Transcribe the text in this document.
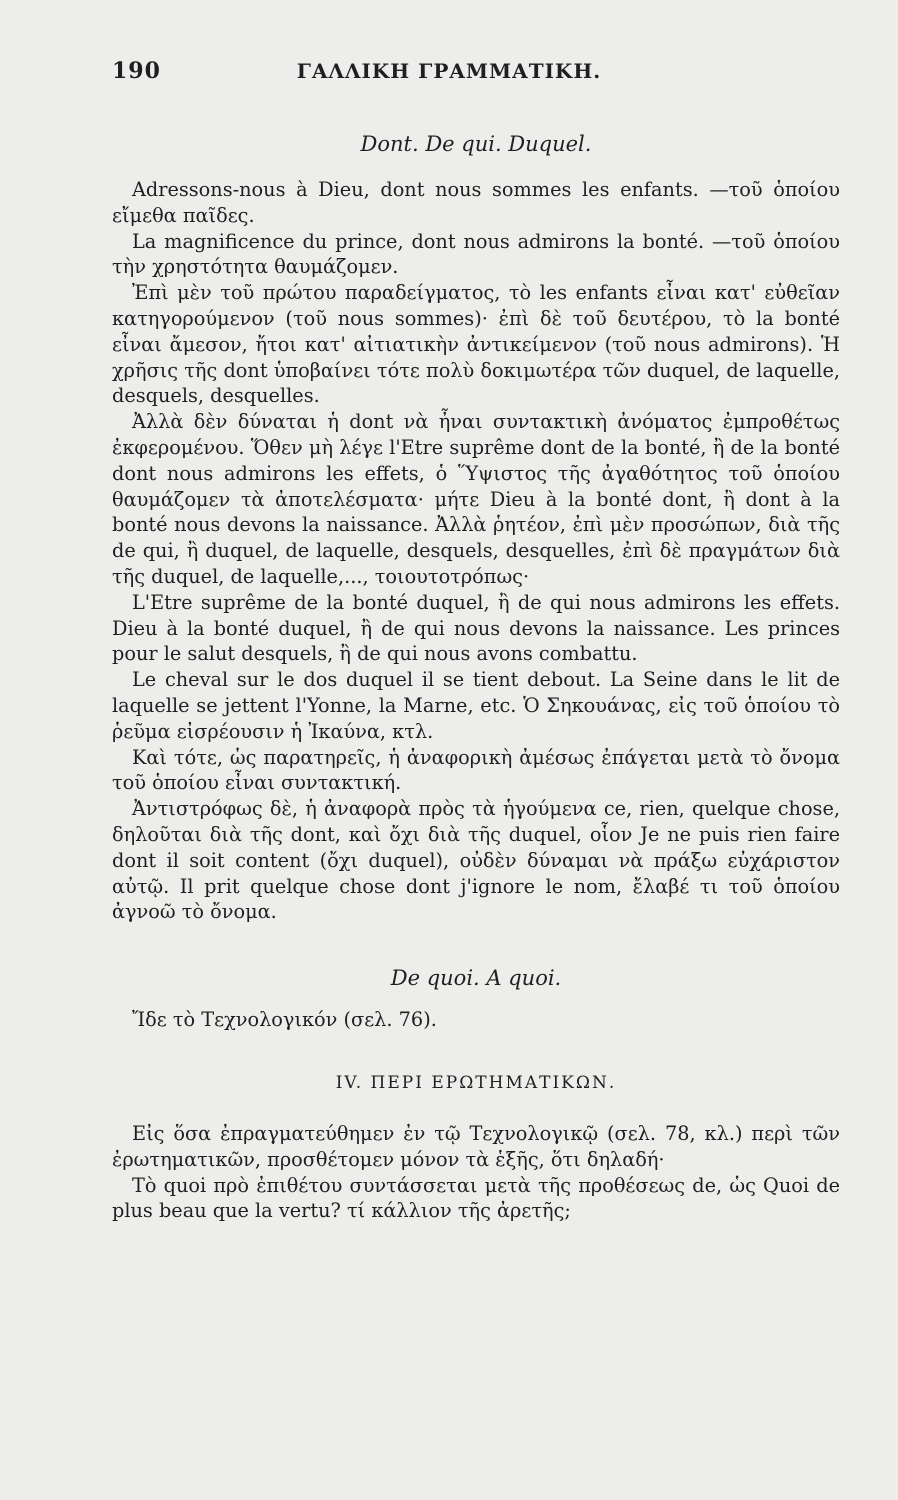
190	ΓΑΛΛΙΚΗ ΓΡΑΜΜΑΤΙΚΗ.
Dont. De qui. Duquel.

Adressons-nous à Dieu, dont nous sommes les enfants. —τοῦ ὁποίου εἴμεθα παῖδες.

La magnificence du prince, dont nous admirons la bonté. —τοῦ ὁποίου τὴν χρηστότητα θαυμάζομεν.

Ἐπὶ μὲν τοῦ πρώτου παραδείγματος, τὸ les enfants εἶναι κατ' εὐθεῖαν κατηγορούμενον (τοῦ nous sommes)· ἐπὶ δὲ τοῦ δευτέρου, τὸ la bonté εἶναι ἄμεσον, ἤτοι κατ' αἰτιατικὴν ἀντικείμενον (τοῦ nous admirons). Ἡ χρῆσις τῆς dont ὑποβαίνει τότε πολὺ δοκιμωτέρα τῶν duquel, de laquelle, desquels, desquelles.

Ἀλλὰ δὲν δύναται ἡ dont νὰ ἦναι συντακτικὴ ἀνόματος ἐμπροθέτως ἐκφερομένου. Ὅθεν μὴ λέγε l'Etre suprême dont de la bonté, ἢ de la bonté dont nous admirons les effets, ὁ Ὕψιστος τῆς ἀγαθότητος τοῦ ὁποίου θαυμάζομεν τὰ ἀποτελέσματα· μήτε Dieu à la bonté dont, ἢ dont à la bonté nous devons la naissance. Ἀλλὰ ῥητέον, ἐπὶ μὲν προσώπων, διὰ τῆς de qui, ἢ duquel, de laquelle, desquels, desquelles, ἐπὶ δὲ πραγμάτων διὰ τῆς duquel, de laquelle,..., τοιουτοτρόπως·

L'Etre suprême de la bonté duquel, ἢ de qui nous admirons les effets. Dieu à la bonté duquel, ἢ de qui nous devons la naissance. Les princes pour le salut desquels, ἢ de qui nous avons combattu.

Le cheval sur le dos duquel il se tient debout. La Seine dans le lit de laquelle se jettent l'Yonne, la Marne, etc. Ὁ Σηκουάνας, εἰς τοῦ ὁποίου τὸ ῥεῦμα εἰσρέουσιν ἡ Ἰκαύνα, κτλ.

Καὶ τότε, ὡς παρατηρεῖς, ἡ ἀναφορικὴ ἀμέσως ἐπάγεται μετὰ τὸ ὄνομα τοῦ ὁποίου εἶναι συντακτική.

Ἀντιστρόφως δὲ, ἡ ἀναφορὰ πρὸς τὰ ἡγούμενα ce, rien, quelque chose, δηλοῦται διὰ τῆς dont, καὶ ὄχι διὰ τῆς duquel, οἷον Je ne puis rien faire dont il soit content (ὄχι duquel), οὐδὲν δύναμαι νὰ πράξω εὐχάριστον αὐτῷ. Il prit quelque chose dont j'ignore le nom, ἔλαβέ τι τοῦ ὁποίου ἀγνοῶ τὸ ὄνομα.

De quoi. A quoi.

Ἴδε τὸ Τεχνολογικόν (σελ. 76).

IV. ΠΕΡΙ ΕΡΩΤΗΜΑΤΙΚΩΝ.

Εἰς ὅσα ἐπραγματεύθημεν ἐν τῷ Τεχνολογικῷ (σελ. 78, κλ.) περὶ τῶν ἐρωτηματικῶν, προσθέτομεν μόνον τὰ ἑξῆς, ὅτι δηλαδή·

Τὸ quoi πρὸ ἐπιθέτου συντάσσεται μετὰ τῆς προθέσεως de, ὡς Quoi de plus beau que la vertu? τί κάλλιον τῆς ἀρετῆς;
